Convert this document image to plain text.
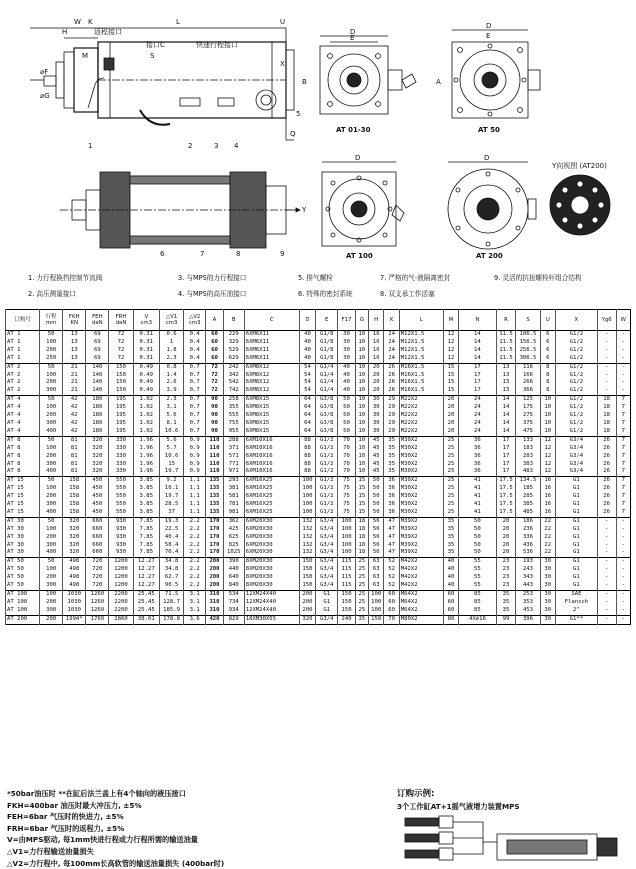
W K	U
L
H	返程接口
接口C	快速行程接口
S
M
⌀F
⌀G
X
Q
1	2	3 4
5
D
E
D
E
D	D
B	A
AT 01-30	AT 50
AT 100	AT 200
Y向视图 (AT200)
Y
6	7	8	9
1. 力行程换挡控制节流阀
2. 高压测量接口
3. 与MPS的力行程接口
4. 与MPS的高压油接口
5. 排气螺栓
6. 特殊的密封系统
7. 严格的气-液隔离密封
8. 双支承工作活塞
9. 灵活的抗扭螺栓杆组合结构
订购号	行程
mm	FKH
KN	FEH
daN	FRH
daN	V
cm3	△V1
cm3	△V2
cm3	A	B	C	D	E	F17	G	H	K	L	M	N	R	S	U	X	Yg6	W
AT 1	50	13	69	72	0.31	0.6	0.4	60	229	6XM6X11	40	G1/8	30	10	16	24	M12X1.5	12	14	11.5	106.5	6	G1/2	-	-
AT 1	100	13	69	72	0.31	1	0.4	60	329	6XM6X11	40	G1/8	30	10	16	24	M12X1.5	12	14	11.5	156.5	6	G1/2	-	-
AT 1	200	13	69	72	0.31	1.8	0.4	60	529	6XM6X11	40	G1/8	30	10	16	24	M12X1.5	12	14	11.5	256.5	6	G1/2	-	-
AT 1	250	13	69	72	0.31	2.3	0.4	60	629	6XM6X11	40	G1/8	30	10	16	24	M12X1.5	12	14	11.5	306.5	6	G1/2	-	-
AT 2	50	21	140	150	0.49	0.8	0.7	72	242	6XM8X12	54	G1/4	40	10	20	26	M16X1.5	15	17	13	116	8	G1/2	-	-
AT 2	100	21	140	150	0.49	1.4	0.7	72	342	6XM8X12	54	G1/4	40	10	20	26	M16X1.5	15	17	13	166	8	G1/2	-	-
AT 2	200	21	140	150	0.49	2.6	0.7	72	542	6XM8X12	54	G1/4	40	10	20	26	M16X1.5	15	17	13	266	8	G1/2	-	-
AT 2	300	21	140	150	0.49	3.9	0.7	72	742	6XM8X12	54	G1/4	40	10	20	26	M16X1.5	15	17	13	366	8	G1/2	-	-
AT 4	50	42	180	195	1.02	2.3	0.7	90	258	6XM8X15	64	G3/8	50	10	30	29	M22X2	20	24	14	125	10	G1/2	18	7
AT 4	100	42	180	195	1.02	3.1	0.7	90	355	6XM8X15	64	G3/8	50	10	30	29	M22X2	20	24	14	175	10	G1/2	18	7
AT 4	200	42	180	195	1.02	5.6	0.7	90	555	6XM8X15	64	G3/8	50	10	30	29	M22X2	20	24	14	275	10	G1/2	18	7
AT 4	300	42	180	195	1.02	8.1	0.7	90	755	6XM8X15	64	G3/8	50	10	30	29	M22X2	20	24	14	375	10	G1/2	18	7
AT 4	400	42	180	195	1.02	10.6	0.7	90	955	6XM8X15	64	G3/8	50	10	30	29	M22X2	20	24	14	475	10	G1/2	18	7
AT 8	50	81	320	330	1.96	5.6	0.9	110	288	6XM10X16	88	G1/2	70	10	45	35	M30X2	25	36	17	133	12	G3/4	26	7
AT 8	100	81	320	330	1.96	5.7	0.9	110	371	6XM10X16	88	G1/2	70	10	45	35	M30X2	25	36	17	183	12	G3/4	26	7
AT 8	200	81	320	330	1.96	10.6	0.9	110	571	6XM10X16	88	G1/2	70	10	45	35	M30X2	25	36	17	283	12	G3/4	26	7
AT 8	300	81	320	330	1.96	15	0.9	110	771	6XM10X16	88	G1/2	70	10	45	35	M30X2	25	36	17	383	12	G3/4	26	7
AT 8	400	81	320	330	1.96	19.7	0.9	110	971	6XM10X16	88	G1/2	70	10	45	35	M30X2	25	36	17	483	12	G3/4	26	7
AT 15	50	158	450	550	3.85	9.2	1.1	135	293	6XM16X25	100	G1/2	75	15	50	36	M30X2	25	41	17.5	134.5	16	G1	26	7
AT 15	100	158	450	550	3.85	10.1	1.1	135	381	6XM16X25	100	G1/2	75	15	50	36	M30X2	25	41	17.5	185	16	G1	26	7
AT 15	200	158	450	550	3.85	19.7	1.1	135	581	6XM16X25	100	G1/2	75	15	50	36	M30X2	25	41	17.5	285	16	G1	26	7
AT 15	300	158	450	550	3.85	28.5	1.1	135	781	6XM16X25	100	G1/2	75	15	50	36	M30X2	25	41	17.5	385	16	G1	26	7
AT 15	400	158	450	550	3.85	37	1.1	135	981	6XM16X25	100	G1/2	75	15	50	36	M30X2	25	41	17.5	485	16	G1	26	7
AT 30	50	320	660	930	7.85	19.3	2.2	170	362	6XM20X30	132	G3/4	100	18	56	47	M39X2	35	50	20	186	22	G1	-	-
AT 30	100	320	660	930	7.85	22.5	2.2	170	425	6XM20X30	132	G3/4	100	18	56	47	M39X2	35	50	20	236	22	G1	-	-
AT 30	200	320	660	930	7.85	40.4	2.2	170	625	6XM20X30	132	G3/4	100	18	56	47	M39X2	35	50	20	336	22	G1	-	-
AT 30	300	320	660	930	7.85	58.4	2.2	170	825	6XM20X30	132	G3/4	100	18	56	47	M39X2	35	50	20	436	22	G1	-	-
AT 30	400	320	660	930	7.85	76.4	2.2	170	1025	6XM20X30	132	G3/4	100	18	56	47	M39X2	35	50	20	536	22	G1	-	-
AT 50	50	498	720	1200	12.27	34.8	2.2	200	390	8XM20X30	150	G3/4	115	25	63	52	M42X2	40	55	23	193	30	G1	-	-
AT 50	100	498	720	1200	12.27	34.8	2.2	200	440	8XM20X30	150	G3/4	115	25	63	52	M42X2	40	55	23	243	30	G1	-	-
AT 50	200	498	720	1200	12.27	62.7	2.2	200	640	8XM20X30	150	G3/4	115	25	63	52	M42X2	40	55	23	343	30	G1	-	-
AT 50	300	498	720	1200	12.27	90.5	2.2	200	840	8XM20X30	150	G3/4	115	25	63	52	M42X2	40	55	23	443	30	G1	-	-
AT 100	100	1030	1260	2200	25.45	71.5	3.1	310	534	12XM24X40	200	G1	150	25	100	60	M64X2	60	85	35	253	30	SAE	-	-
AT 100	200	1030	1260	2200	25.45	128.7	3.1	310	734	12XM24X40	200	G1	150	25	100	60	M64X2	60	85	35	353	30	Flansch	-	-
AT 100	300	1030	1260	2200	25.45	185.9	3.1	310	934	12XM24X40	200	G1	150	25	100	60	M64X2	60	85	35	453	30	2"	-	-
AT 200	200	1994*	1760	2860	38.01	178.8	3.6	420	829	18XM30X55	320	G3/4	240	35	150	70	M80X2	80	4X⌀16	99	396	30	G1**	-	-
*50bar油压时 **在缸后法兰盖上有4个轴向的液压接口
FKH=400bar 油压时最大冲压力, ±5%
FEH=6bar 气压时的快进力, ±5%
FRH=6bar 气压时的返程力, ±5%
V=由MPS驱动, 每1mm快进行程或力行程所需的输送油量
△V1=力行程输送油量损失
△V2=力行程中, 每100mm长高软管的输送油量损失 (400bar时)
订购示例:
3个工作缸AT+1摇气液增力装置MPS
